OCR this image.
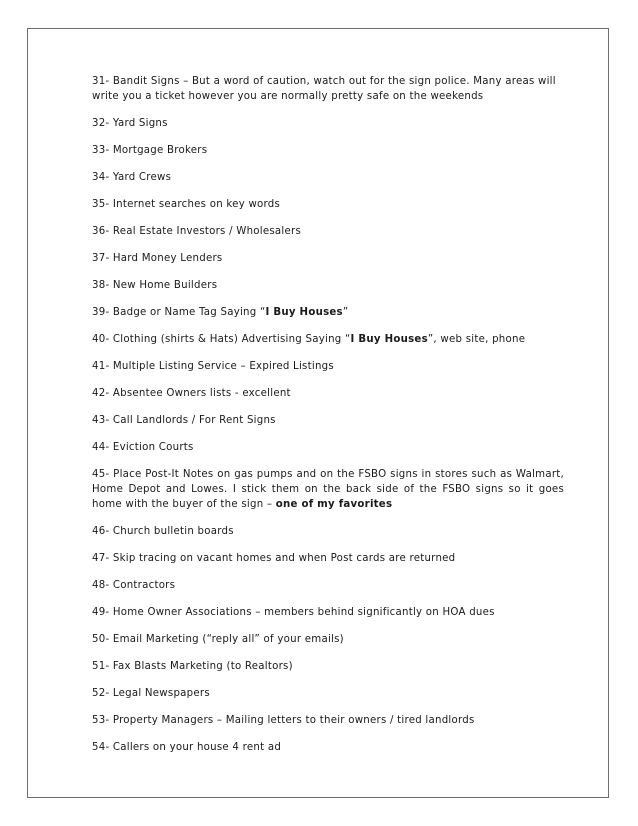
31- Bandit Signs – But a word of caution, watch out for the sign police. Many areas will write you a ticket however you are normally pretty safe on the weekends

32- Yard Signs

33- Mortgage Brokers

34- Yard Crews

35- Internet searches on key words

36- Real Estate Investors / Wholesalers

37- Hard Money Lenders

38- New Home Builders

39- Badge or Name Tag Saying “I Buy Houses”

40- Clothing (shirts & Hats) Advertising Saying “I Buy Houses”, web site, phone

41- Multiple Listing Service – Expired Listings

42- Absentee Owners lists - excellent

43- Call Landlords / For Rent Signs

44- Eviction Courts

45- Place Post-It Notes on gas pumps and on the FSBO signs in stores such as Walmart, Home Depot and Lowes. I stick them on the back side of the FSBO signs so it goes home with the buyer of the sign – one of my favorites

46- Church bulletin boards

47- Skip tracing on vacant homes and when Post cards are returned

48- Contractors

49- Home Owner Associations – members behind significantly on HOA dues

50- Email Marketing (“reply all” of your emails)

51- Fax Blasts Marketing (to Realtors)

52- Legal Newspapers

53- Property Managers – Mailing letters to their owners / tired landlords

54- Callers on your house 4 rent ad
